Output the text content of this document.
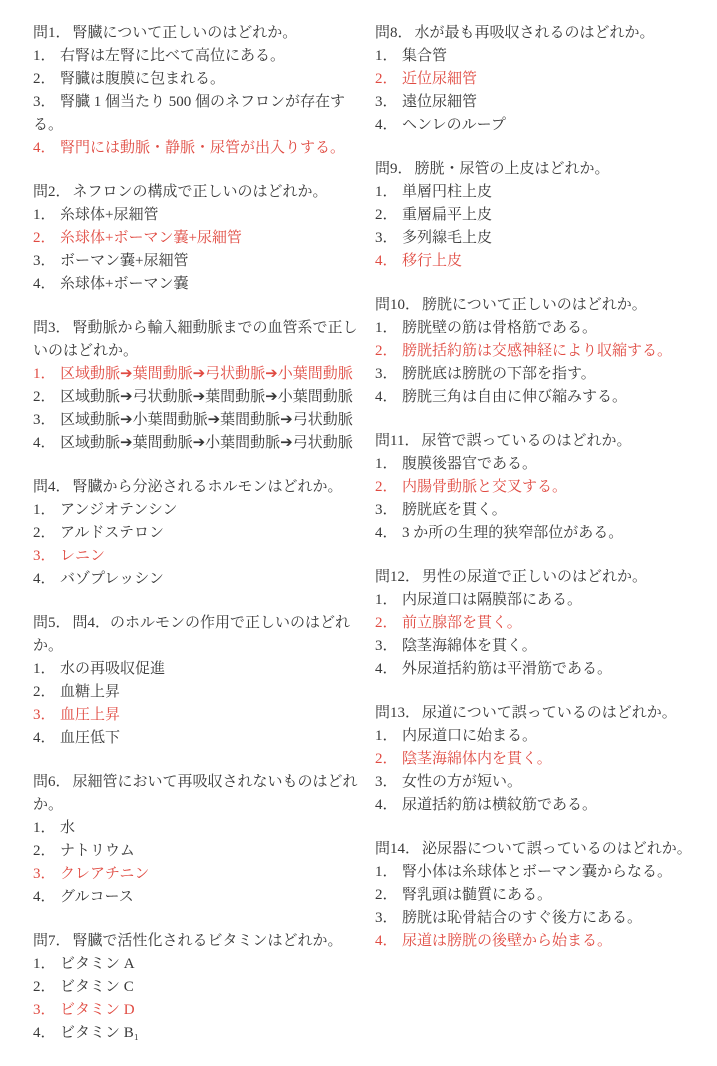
問1． 腎臓について正しいのはどれか。

1． 右腎は左腎に比べて高位にある。

2． 腎臓は腹膜に包まれる。

3． 腎臓 1 個当たり 500 個のネフロンが存在する。

4． 腎門には動脈・静脈・尿管が出入りする。

問2． ネフロンの構成で正しいのはどれか。

1． 糸球体+尿細管

2． 糸球体+ボーマン嚢+尿細管

3． ボーマン嚢+尿細管

4． 糸球体+ボーマン嚢

問3． 腎動脈から輸入細動脈までの血管系で正しいのはどれか。

1． 区域動脈➔葉間動脈➔弓状動脈➔小葉間動脈

2． 区域動脈➔弓状動脈➔葉間動脈➔小葉間動脈

3． 区域動脈➔小葉間動脈➔葉間動脈➔弓状動脈

4． 区域動脈➔葉間動脈➔小葉間動脈➔弓状動脈

問4． 腎臓から分泌されるホルモンはどれか。

1． アンジオテンシン

2． アルドステロン

3． レニン

4． バゾプレッシン

問5． 問4．のホルモンの作用で正しいのはどれか。

1． 水の再吸収促進

2． 血糖上昇

3． 血圧上昇

4． 血圧低下

問6． 尿細管において再吸収されないものはどれか。

1． 水

2． ナトリウム

3． クレアチニン

4． グルコース

問7． 腎臓で活性化されるビタミンはどれか。

1． ビタミン A

2． ビタミン C

3． ビタミン D

4． ビタミン B₁

問8． 水が最も再吸収されるのはどれか。

1． 集合管

2． 近位尿細管

3． 遠位尿細管

4． ヘンレのループ

問9． 膀胱・尿管の上皮はどれか。

1． 単層円柱上皮

2． 重層扁平上皮

3． 多列線毛上皮

4． 移行上皮

問10． 膀胱について正しいのはどれか。

1． 膀胱壁の筋は骨格筋である。

2． 膀胱括約筋は交感神経により収縮する。

3． 膀胱底は膀胱の下部を指す。

4． 膀胱三角は自由に伸び縮みする。

問11． 尿管で誤っているのはどれか。

1． 腹膜後器官である。

2． 内腸骨動脈と交叉する。

3． 膀胱底を貫く。

4． 3 か所の生理的狭窄部位がある。

問12． 男性の尿道で正しいのはどれか。

1． 内尿道口は隔膜部にある。

2． 前立腺部を貫く。

3． 陰茎海綿体を貫く。

4． 外尿道括約筋は平滑筋である。

問13． 尿道について誤っているのはどれか。

1． 内尿道口に始まる。

2． 陰茎海綿体内を貫く。

3． 女性の方が短い。

4． 尿道括約筋は横紋筋である。

問14． 泌尿器について誤っているのはどれか。

1． 腎小体は糸球体とボーマン嚢からなる。

2． 腎乳頭は髄質にある。

3． 膀胱は恥骨結合のすぐ後方にある。

4． 尿道は膀胱の後壁から始まる。
